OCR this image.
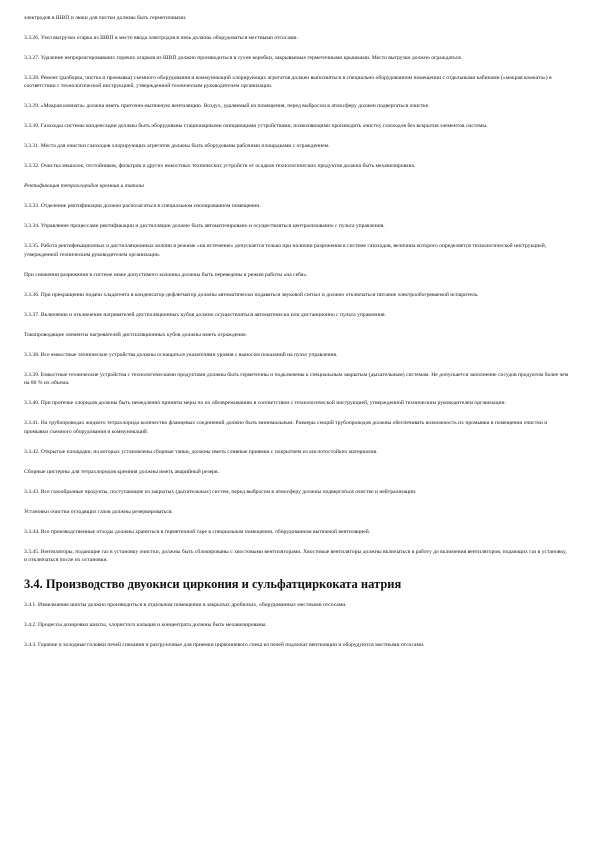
электродов в ШВП и люки для чистки должны быть герметичными.

3.3.26. Узел выгрузки огарка из ШВП в месте ввода электродов в печь должны оборудоваться местными отсосами.

3.3.27. Удаление непрореагировавших горячих огарков из ШВП должно производиться в сухие коробки, закрываемые герметичными крышками. Место выгрузки должно ограждаться.

3.3.28. Ремонт (разборка, чистка и промывка) съемного оборудования и коммуникаций хлорирующих агрегатов должен выполняться в специально оборудованном помещении с отдельными кабинами («мокрая комната») в соответствии с технологической инструкцией, утвержденной техническим руководителем организации.

3.3.29. «Мокрая комната» должна иметь приточно-вытяжную вентиляцию. Воздух, удаляемый из помещения, перед выбросом в атмосферу должен подвергаться очистке.

3.3.30. Газоходы системы конденсации должны быть оборудованы стационарными очищающими устройствами, позволяющими производить очистку газоходов без вскрытия элементов системы.

3.3.31. Места для очистки газоходов хлорирующих агрегатов должны быть оборудованы рабочими площадками с ограждением.

3.3.32. Очистка мешалок, отстойников, фильтров и других емкостных технических устройств от осадков технологических продуктов должна быть механизирована.

Ректификация тетрахлоридов кремния и титана

3.3.33. Отделение ректификации должно располагаться в специальном изолированном помещении.

3.3.34. Управление процессами ректификации и дистилляции должно быть автоматизировано и осуществляться централизованно с пульта управления.

3.3.35. Работа ректификационных и дистилляционных колонн в режиме «на истечение» допускается только при наличии разрежения в системе газоходов, величина которого определяется технологической инструкцией, утвержденной техническим руководителем организации.

При снижении разрежения в системе ниже допустимого колонны должны быть переведены в режим работы «на себя».

3.3.36. При прекращении подачи хладагента в конденсатор-дефлегматор должны автоматически подаваться звуковой сигнал и должно отключаться питание электрообогреваемой испаритель.

3.3.37. Включение и отключение нагревателей дистилляционных кубов должно осуществляться автоматически или дистанционно с пульта управления.

Токопроводящие элементы нагревателей дистилляционных кубов должны иметь ограждение.

3.3.38. Все емкостные технические устройства должны оснащаться указателями уровня с выносом показаний на пульт управления.

3.3.39. Емкостные технические устройства с технологическими продуктами должны быть герметичны и подключены к специальным закрытым (дыхательным) системам. Не допускается заполнение сосудов продуктом более чем на 80 % их объема.

3.3.40. При протечке хлоридов должны быть немедленно приняты меры по их обезвреживанию в соответствии с технологической инструкцией, утвержденной техническим руководителем организации.

3.3.41. На трубопроводах жидкого тетрахлорида количество фланцевых соединений должно быть минимальным. Размеры секций трубопроводов должны обеспечивать возможность их промывки в помещении очистки и промывки съемного оборудования и коммуникаций.

3.3.42. Открытые площадки, на которых установлены сборные танки, должны иметь сливные приямки с покрытием из кислотостойких материалов.

Сборные цистерны для тетрахлоридов кремния должны иметь аварийный резерв.

3.3.43. Все газообразные продукты, поступающие из закрытых (дыхательных) систем, перед выбросом в атмосферу должны подвергаться очистке и нейтрализации.

Установки очистки отходящих газов должны резервироваться.

3.3.44. Все производственные отходы должны храниться в герметичной таре в специальном помещении, оборудованном вытяжной вентиляцией.

3.3.45. Вентиляторы, подающие газ в установку очистки, должны быть сблокированы с хвостовыми вентиляторами. Хвостовые вентиляторы должны включаться в работу до включения вентиляторов, подающих газ в установку, и отключаться после их остановки.

3.4. Производство двуокиси циркония и сульфатциркоката натрия

3.4.1. Измельчение шихты должно производиться в отдельном помещении в закрытых дробилках, оборудованных местными отсосами.

3.4.2. Процессы дозировки шихты, хлористого кальция и концентрата должны быть механизированы.

3.4.3. Горячие и холодные головки печей спекания и разгрузочные для приемки циркониевого спека из печей подлежат вентиляции и оборудуются местными отсосами.
